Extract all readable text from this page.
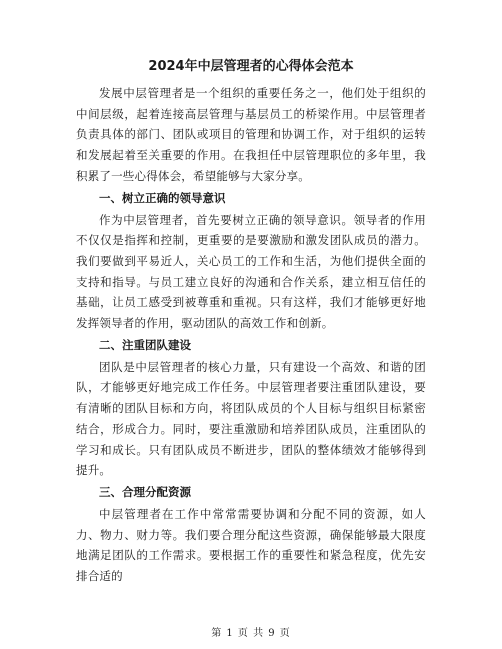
2024年中层管理者的心得体会范本

发展中层管理者是一个组织的重要任务之一，他们处于组织的中间层级，起着连接高层管理与基层员工的桥梁作用。中层管理者负责具体的部门、团队或项目的管理和协调工作，对于组织的运转和发展起着至关重要的作用。在我担任中层管理职位的多年里，我积累了一些心得体会，希望能够与大家分享。

一、树立正确的领导意识

作为中层管理者，首先要树立正确的领导意识。领导者的作用不仅仅是指挥和控制，更重要的是要激励和激发团队成员的潜力。我们要做到平易近人，关心员工的工作和生活，为他们提供全面的支持和指导。与员工建立良好的沟通和合作关系，建立相互信任的基础，让员工感受到被尊重和重视。只有这样，我们才能够更好地发挥领导者的作用，驱动团队的高效工作和创新。

二、注重团队建设

团队是中层管理者的核心力量，只有建设一个高效、和谐的团队，才能够更好地完成工作任务。中层管理者要注重团队建设，要有清晰的团队目标和方向，将团队成员的个人目标与组织目标紧密结合，形成合力。同时，要注重激励和培养团队成员，注重团队的学习和成长。只有团队成员不断进步，团队的整体绩效才能够得到提升。

三、合理分配资源

中层管理者在工作中常常需要协调和分配不同的资源，如人力、物力、财力等。我们要合理分配这些资源，确保能够最大限度地满足团队的工作需求。要根据工作的重要性和紧急程度，优先安排合适的

第 1 页 共 9 页
